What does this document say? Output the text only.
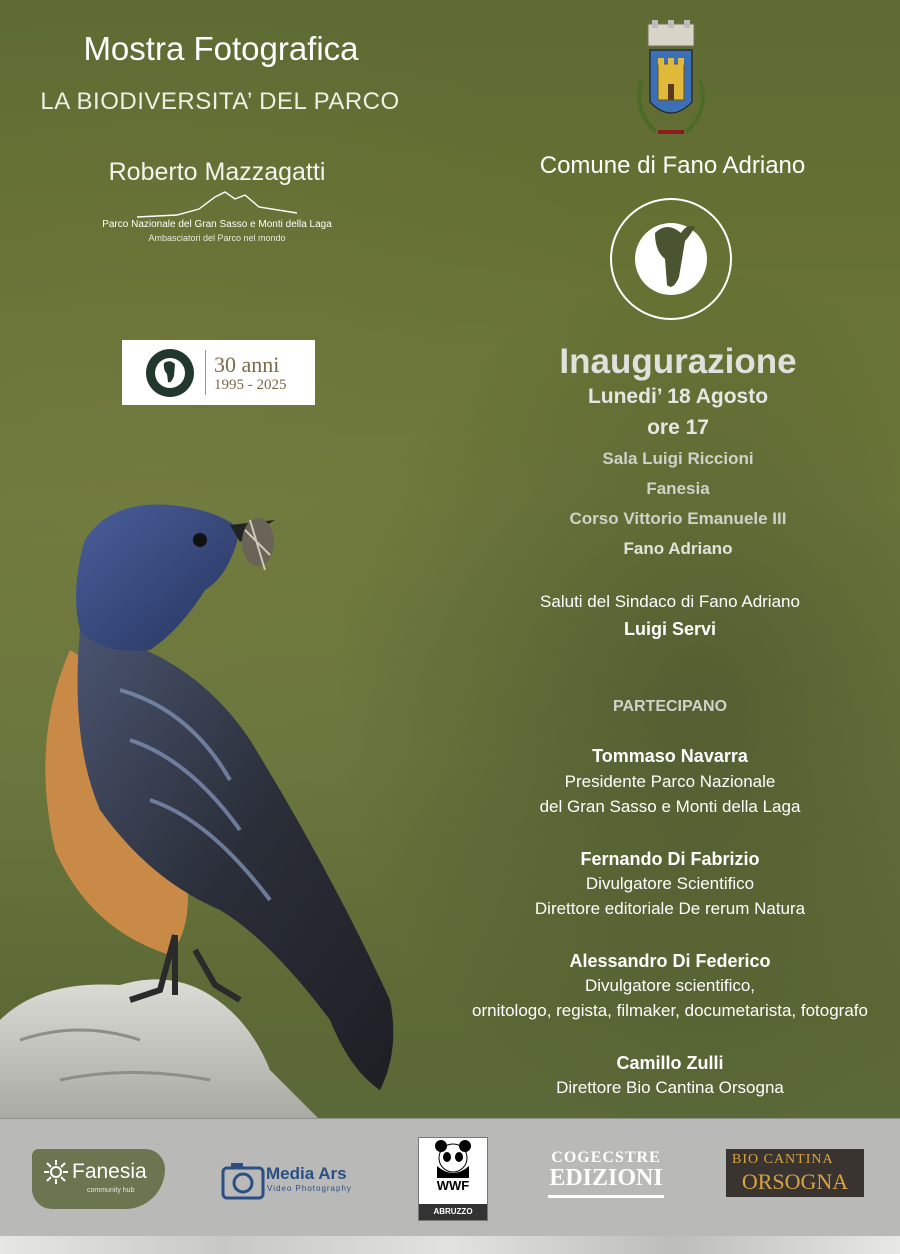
Mostra Fotografica
LA BIODIVERSITA’ DEL PARCO
Roberto Mazzagatti
Parco Nazionale del Gran Sasso e Monti della Laga
Ambasciatori del Parco nel mondo
30 anni
1995 - 2025
Comune di Fano Adriano
Inaugurazione
Lunedi’ 18 Agosto
ore 17
Sala Luigi Riccioni
Fanesia
Corso Vittorio Emanuele III
Fano Adriano
Saluti del Sindaco di Fano Adriano
Luigi Servi
PARTECIPANO
Tommaso Navarra
Presidente Parco Nazionale
del Gran Sasso e Monti della Laga
Fernando Di Fabrizio
Divulgatore Scientifico
Direttore editoriale De rerum Natura
Alessandro Di Federico
Divulgatore scientifico,
ornitologo, regista, filmaker, documetarista, fotografo
Camillo Zulli
Direttore Bio Cantina Orsogna
Fanesia
community hub
Media Ars
Video Photography	WWF
ABRUZZO
COGECSTRE
EDIZIONI
BIO CANTINA
ORSOGNA
